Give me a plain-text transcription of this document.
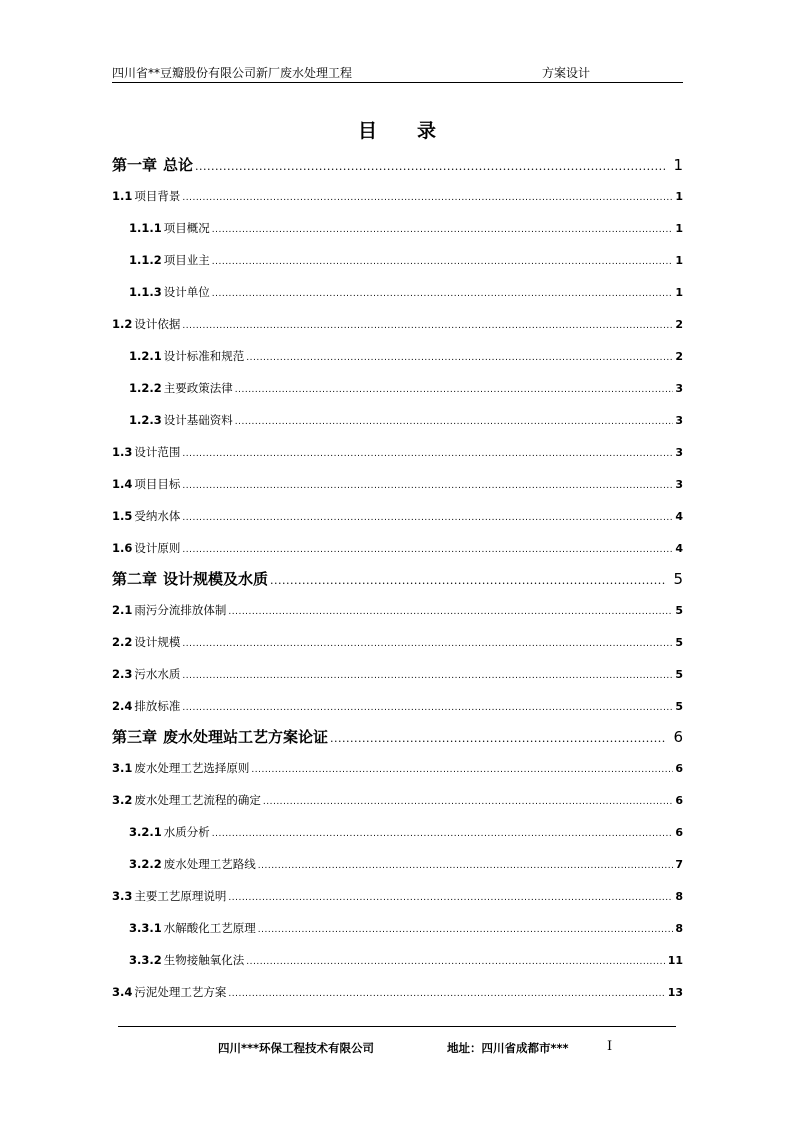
四川省**豆瓣股份有限公司新厂废水处理工程	方案设计
目录
第一章 总论 .....	1
1.1 项目背景 .....	1
1.1.1 项目概况 .....	1
1.1.2 项目业主 .....	1
1.1.3 设计单位 .....	1
1.2 设计依据 .....	2
1.2.1 设计标准和规范 .....	2
1.2.2 主要政策法律 .....	3
1.2.3 设计基础资料 .....	3
1.3 设计范围 .....	3
1.4 项目目标 .....	3
1.5 受纳水体 .....	4
1.6 设计原则 .....	4
第二章 设计规模及水质 .....	5
2.1 雨污分流排放体制 .....	5
2.2 设计规模 .....	5
2.3 污水水质 .....	5
2.4 排放标准 .....	5
第三章 废水处理站工艺方案论证 .....	6
3.1 废水处理工艺选择原则 .....	6
3.2 废水处理工艺流程的确定 .....	6
3.2.1 水质分析 .....	6
3.2.2 废水处理工艺路线 .....	7
3.3 主要工艺原理说明 .....	8
3.3.1 水解酸化工艺原理 .....	8
3.3.2 生物接触氧化法 .....	11
3.4 污泥处理工艺方案 .....	13
四川***环保工程技术有限公司	地址：四川省成都市***	I
